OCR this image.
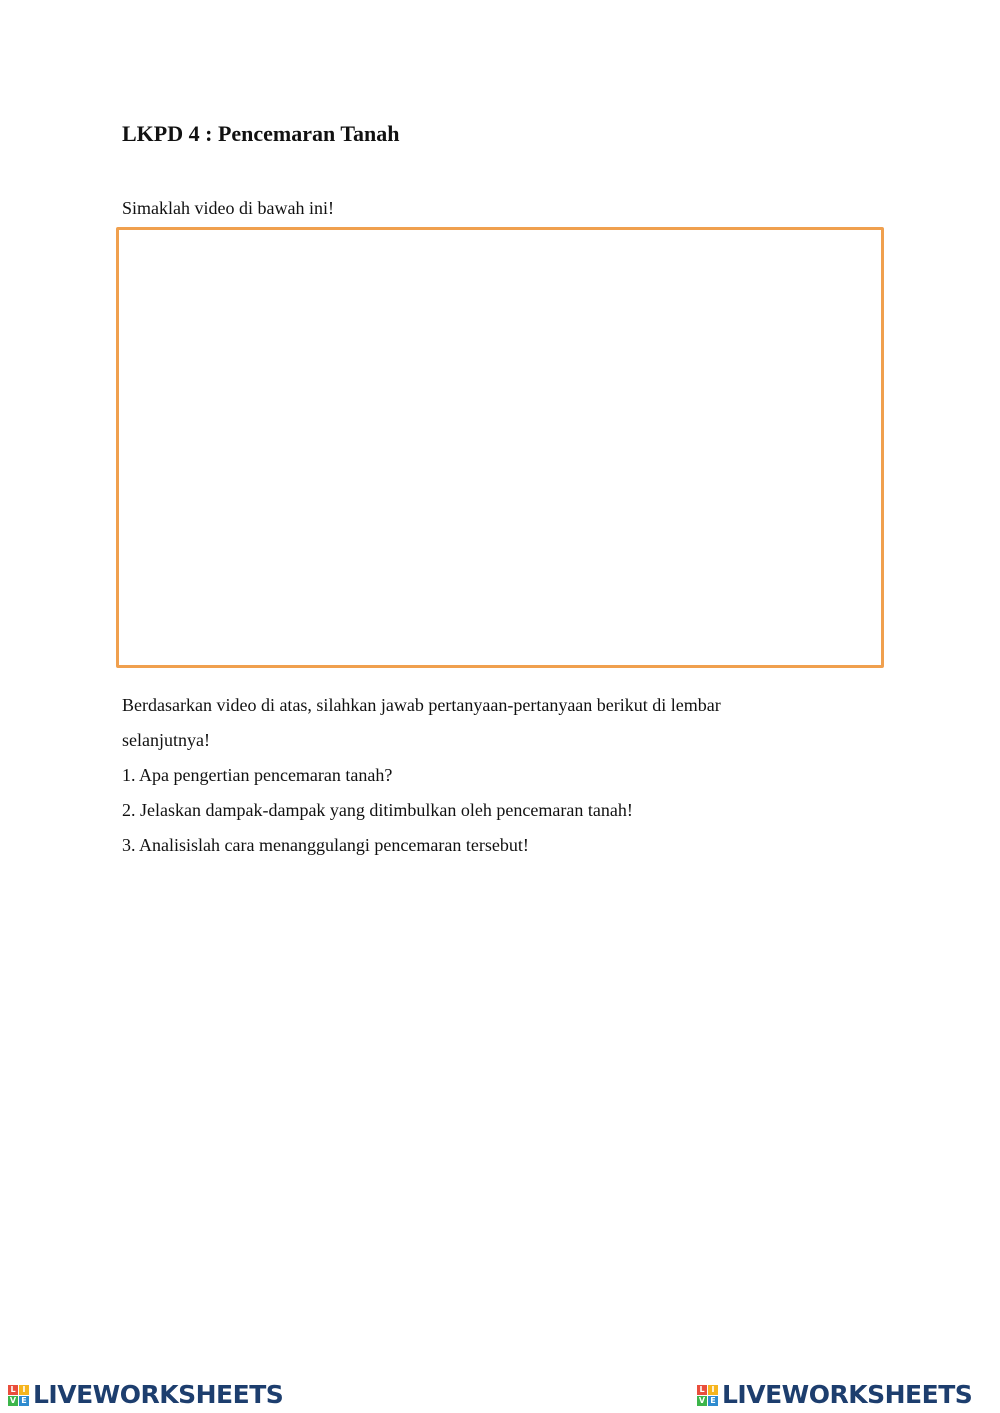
LKPD 4 : Pencemaran Tanah
Simaklah video di bawah ini!

Berdasarkan video di atas, silahkan jawab pertanyaan-pertanyaan berikut di lembar

selanjutnya!

1. Apa pengertian pencemaran tanah?
2. Jelaskan dampak-dampak yang ditimbulkan oleh pencemaran tanah!
3. Analisislah cara menanggulangi pencemaran tersebut!
L I
V E LIVEWORKSHEETS	L I
V E LIVEWORKSHEETS
